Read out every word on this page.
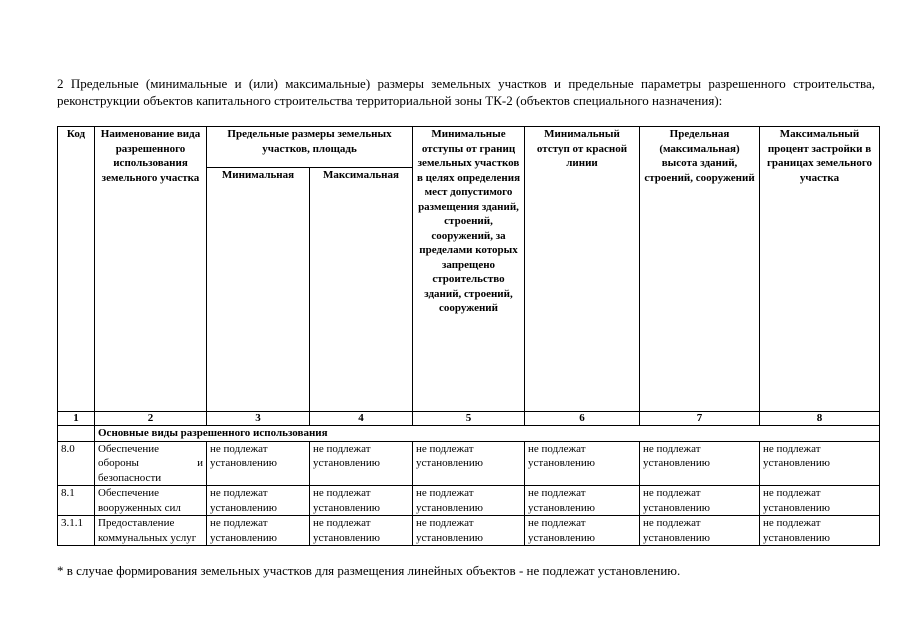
2 Предельные (минимальные и (или) максимальные) размеры земельных участков и предельные параметры разрешенного строительства, реконструкции объектов капитального строительства территориальной зоны ТК-2 (объектов специального назначения):
Код	Наименование вида разрешенного использования земельного участка	Предельные размеры земельных участков, площадь		Минимальные отступы от границ земельных участков в целях определения мест допустимого размещения зданий, строений, сооружений, за пределами которых запрещено строительство зданий, строений, сооружений	Минимальный отступ от красной линии	Предельная (максимальная) высота зданий, строений, сооружений	Максимальный процент застройки в границах земельного участка
		Минимальная	Максимальная				
1	2	3	4	5	6	7	8
	Основные виды разрешенного использования						
8.0	Обеспечение
обороны и
безопасности	не подлежат установлению	не подлежат установлению	не подлежат установлению	не подлежат установлению	не подлежат установлению	не подлежат установлению
8.1	Обеспечение вооруженных сил	не подлежат установлению	не подлежат установлению	не подлежат установлению	не подлежат установлению	не подлежат установлению	не подлежат установлению
3.1.1	Предоставление коммунальных услуг	не подлежат установлению	не подлежат установлению	не подлежат установлению	не подлежат установлению	не подлежат установлению	не подлежат установлению
* в случае формирования земельных участков для размещения линейных объектов - не подлежат установлению.
